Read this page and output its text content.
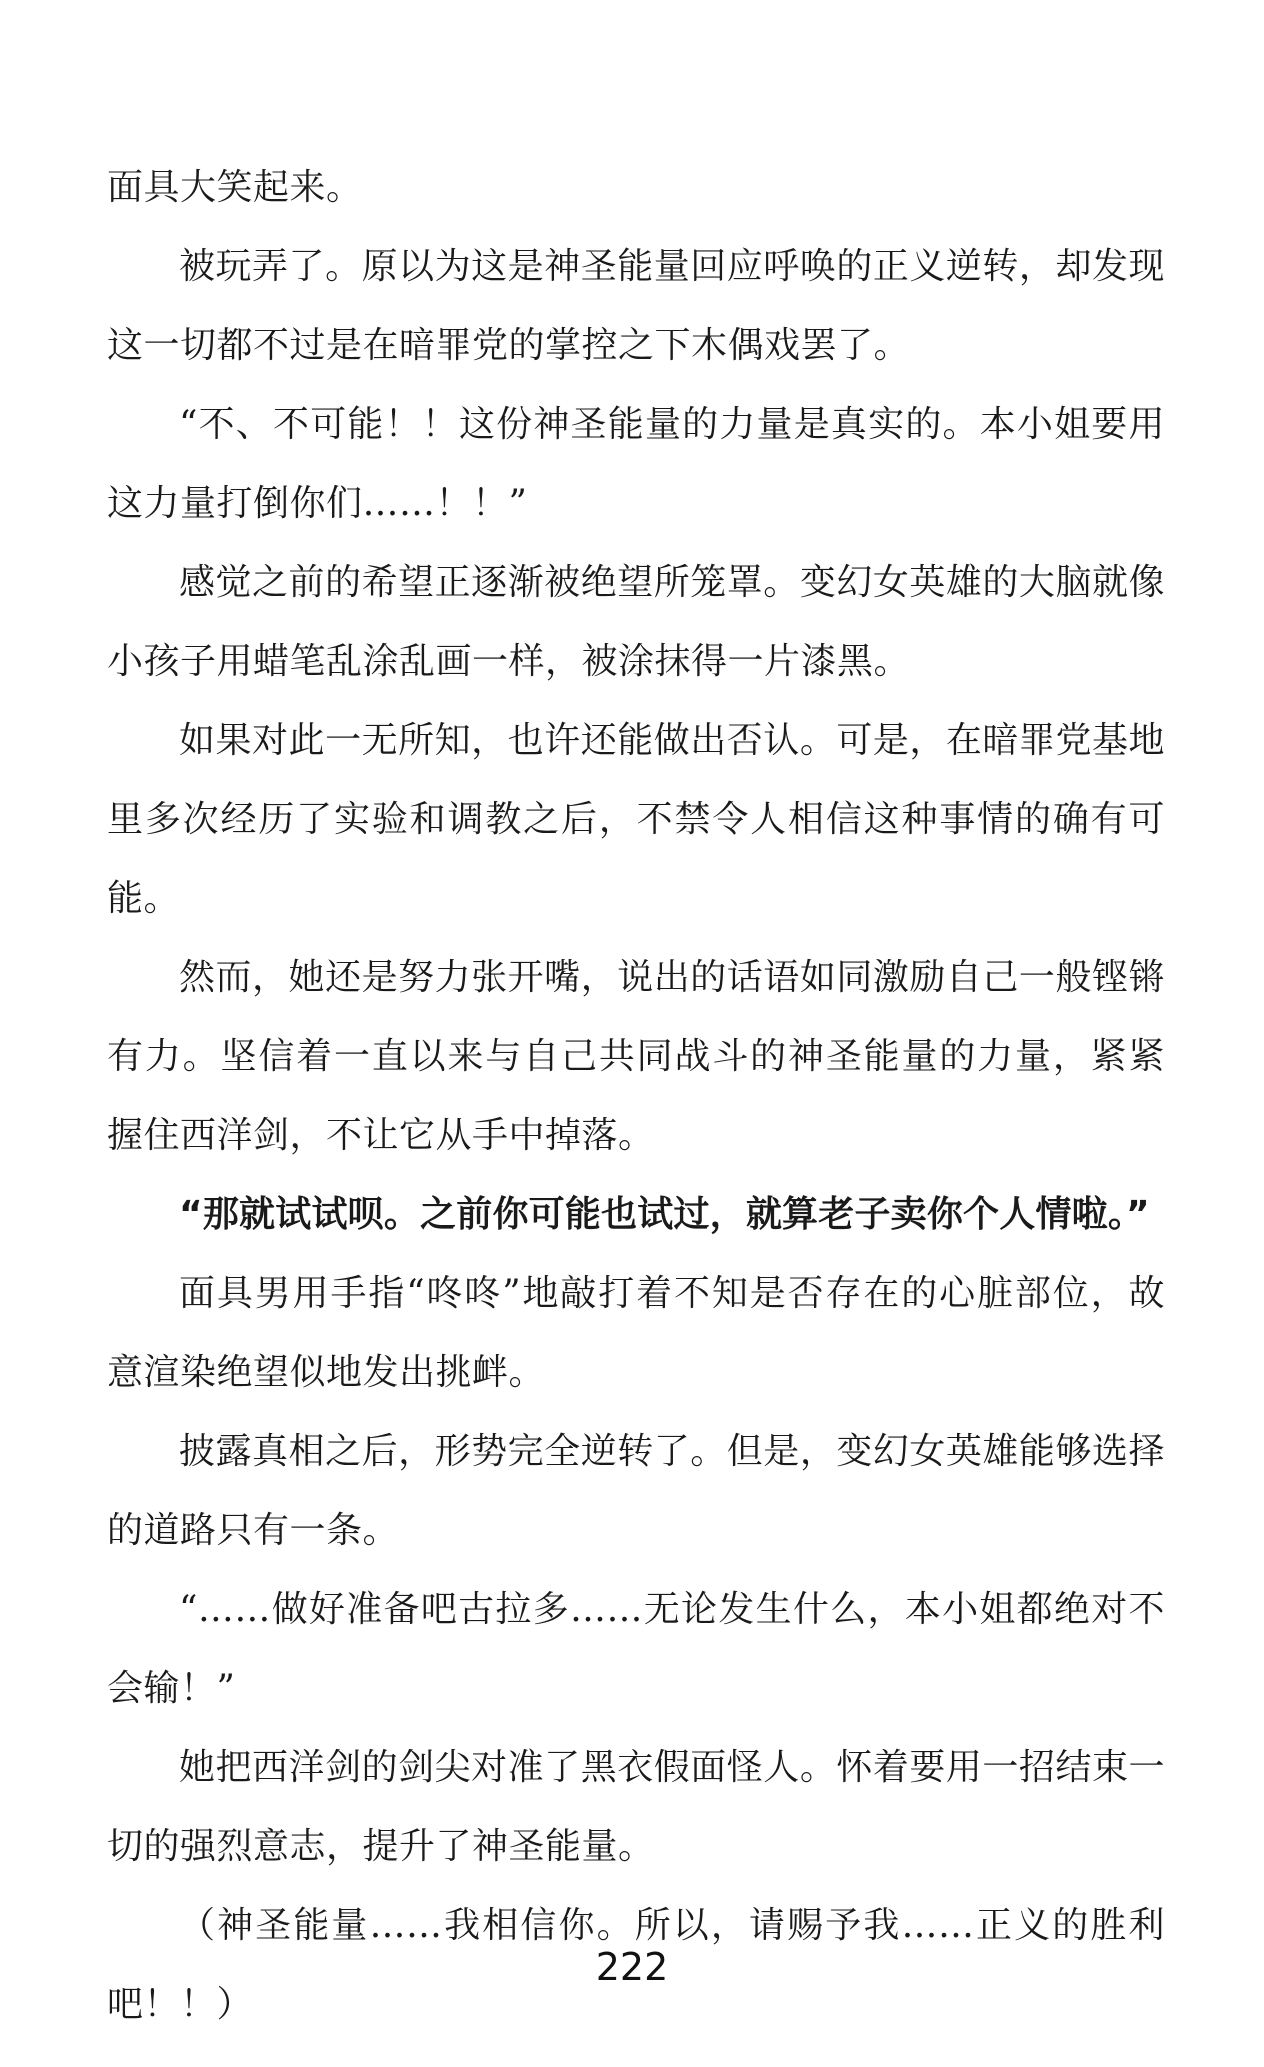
面具大笑起来。

被玩弄了。原以为这是神圣能量回应呼唤的正义逆转，却发现这一切都不过是在暗罪党的掌控之下木偶戏罢了。

“不、不可能！！这份神圣能量的力量是真实的。本小姐要用这力量打倒你们……！！”

感觉之前的希望正逐渐被绝望所笼罩。变幻女英雄的大脑就像小孩子用蜡笔乱涂乱画一样，被涂抹得一片漆黑。

如果对此一无所知，也许还能做出否认。可是，在暗罪党基地里多次经历了实验和调教之后，不禁令人相信这种事情的确有可能。

然而，她还是努力张开嘴，说出的话语如同激励自己一般铿锵有力。坚信着一直以来与自己共同战斗的神圣能量的力量，紧紧握住西洋剑，不让它从手中掉落。

“那就试试呗。之前你可能也试过，就算老子卖你个人情啦。”

面具男用手指“咚咚”地敲打着不知是否存在的心脏部位，故意渲染绝望似地发出挑衅。

披露真相之后，形势完全逆转了。但是，变幻女英雄能够选择的道路只有一条。

“……做好准备吧古拉多……无论发生什么，本小姐都绝对不会输！”

她把西洋剑的剑尖对准了黑衣假面怪人。怀着要用一招结束一切的强烈意志，提升了神圣能量。

（神圣能量……我相信你。所以，请赐予我……正义的胜利吧！！）

222
